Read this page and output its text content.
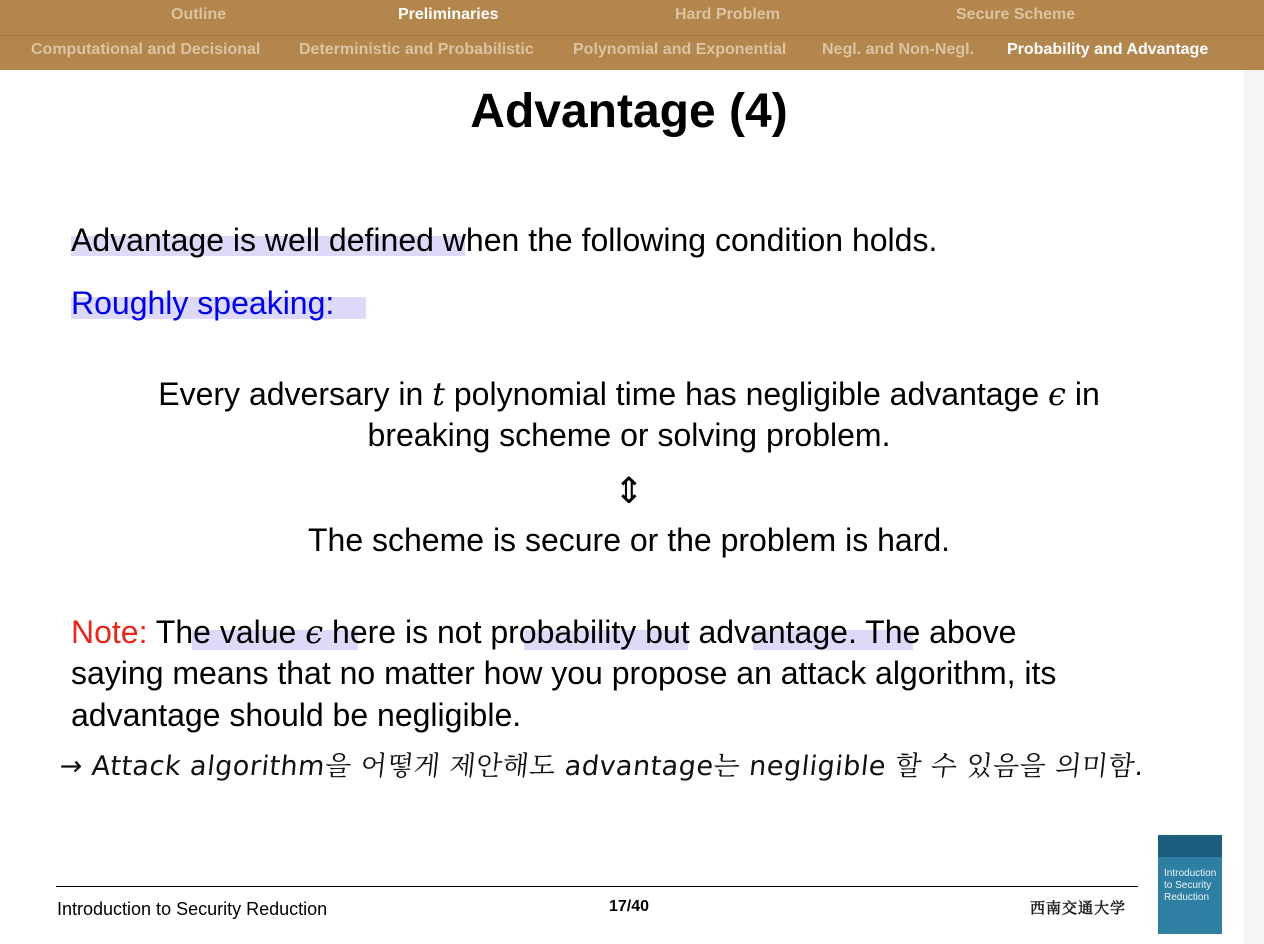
Outline	Preliminaries	Hard Problem	Secure Scheme
Computational and Decisional Deterministic and Probabilistic Polynomial and Exponential Negl. and Non-Negl. Probability and Advantage
Advantage (4)
Advantage is well defined when the following condition holds.
Roughly speaking:
Every adversary in t polynomial time has negligible advantage ϵ in
breaking scheme or solving problem.
⇕
The scheme is secure or the problem is hard.
Note: The value ϵ here is not probability but advantage. The above
saying means that no matter how you propose an attack algorithm, its
advantage should be negligible.
→ Attack algorithm을 어떻게 제안해도 advantage는 negligible 할 수 있음을 의미함.
Introduction to Security Reduction	17/40	西南交通大学
Introduction to Security Reduction
